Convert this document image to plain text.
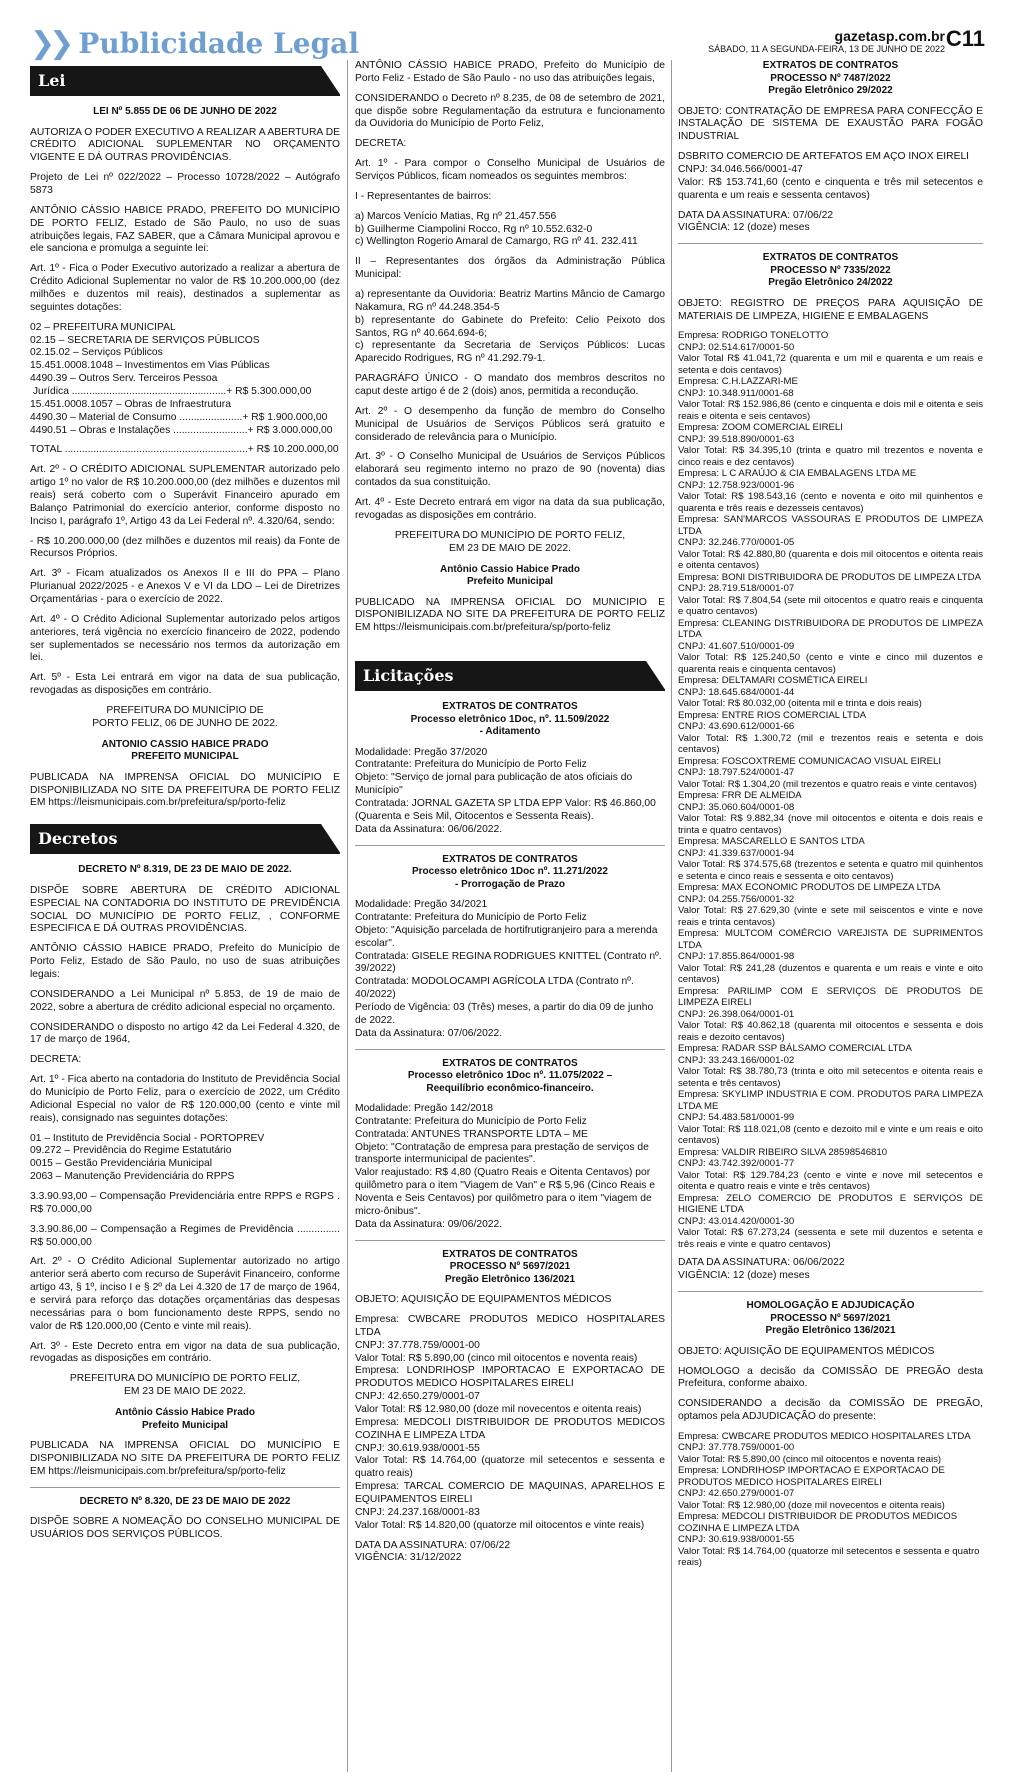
❯❯ Publicidade Legal	gazetasp.com.br
SÁBADO, 11 A SEGUNDA-FEIRA, 13 DE JUNHO DE 2022 C11
Lei
LEI Nº 5.855 DE 06 DE JUNHO DE 2022

AUTORIZA O PODER EXECUTIVO A REALIZAR A ABERTURA DE CRÉDITO ADICIONAL SUPLEMENTAR NO ORÇAMENTO VIGENTE E DÁ OUTRAS PROVIDÊNCIAS.

Projeto de Lei nº 022/2022 – Processo 10728/2022 – Autógrafo 5873

ANTÔNIO CÁSSIO HABICE PRADO, PREFEITO DO MUNICÍPIO DE PORTO FELIZ, Estado de São Paulo, no uso de suas atribuições legais, FAZ SABER, que a Câmara Municipal aprovou e ele sanciona e promulga a seguinte lei:

Art. 1º - Fica o Poder Executivo autorizado a realizar a abertura de Crédito Adicional Suplementar no valor de R$ 10.200.000,00 (dez milhões e duzentos mil reais), destinados a suplementar as seguintes dotações:

02 – PREFEITURA MUNICIPAL
02.15 – SECRETARIA DE SERVIÇOS PÚBLICOS
02.15.02 – Serviços Públicos
15.451.0008.1048 – Investimentos em Vias Públicas
4490.39 – Outros Serv. Terceiros Pessoa
Jurídica ......................................................+ R$ 5.300.000,00
15.451.0008.1057 – Obras de Infraestrutura
4490.30 – Material de Consumo ......................+ R$ 1.900.000,00
4490.51 – Obras e Instalações ..........................+ R$ 3.000.000,00

TOTAL ................................................................+ R$ 10.200.000,00

Art. 2º - O CRÉDITO ADICIONAL SUPLEMENTAR autorizado pelo artigo 1º no valor de R$ 10.200.000,00 (dez milhões e duzentos mil reais) será coberto com o Superávit Financeiro apurado em Balanço Patrimonial do exercício anterior, conforme disposto no Inciso I, parágrafo 1º, Artigo 43 da Lei Federal nº. 4.320/64, sendo:

- R$ 10.200.000,00 (dez milhões e duzentos mil reais) da Fonte de Recursos Próprios.

Art. 3º - Ficam atualizados os Anexos II e III do PPA – Plano Plurianual 2022/2025 - e Anexos V e VI da LDO – Lei de Diretrizes Orçamentárias - para o exercício de 2022.

Art. 4º - O Crédito Adicional Suplementar autorizado pelos artigos anteriores, terá vigência no exercício financeiro de 2022, podendo ser suplementados se necessário nos termos da autorização em lei.

Art. 5º - Esta Lei entrará em vigor na data de sua publicação, revogadas as disposições em contrário.

PREFEITURA DO MUNICÍPIO DE
PORTO FELIZ, 06 DE JUNHO DE 2022.

ANTONIO CASSIO HABICE PRADO
PREFEITO MUNICIPAL

PUBLICADA NA IMPRENSA OFICIAL DO MUNICÍPIO E DISPONIBILIZADA NO SITE DA PREFEITURA DE PORTO FELIZ EM https://leismunicipais.com.br/prefeitura/sp/porto-feliz

Decretos
DECRETO Nº 8.319, DE 23 DE MAIO DE 2022.

DISPÕE SOBRE ABERTURA DE CRÉDITO ADICIONAL ESPECIAL NA CONTADORIA DO INSTITUTO DE PREVIDÊNCIA SOCIAL DO MUNICÍPIO DE PORTO FELIZ, , CONFORME ESPECIFICA E DÁ OUTRAS PROVIDÊNCIAS.

ANTÔNIO CÁSSIO HABICE PRADO, Prefeito do Município de Porto Feliz, Estado de São Paulo, no uso de suas atribuições legais:

CONSIDERANDO a Lei Municipal nº 5.853, de 19 de maio de 2022, sobre a abertura de crédito adicional especial no orçamento.

CONSIDERANDO o disposto no artigo 42 da Lei Federal 4.320, de 17 de março de 1964,

DECRETA:

Art. 1º - Fica aberto na contadoria do Instituto de Previdência Social do Município de Porto Feliz, para o exercício de 2022, um Crédito Adicional Especial no valor de R$ 120.000,00 (cento e vinte mil reais), consignado nas seguintes dotações:

01 – Instituto de Previdência Social - PORTOPREV
09.272 – Previdência do Regime Estatutário
0015 – Gestão Previdenciária Municipal
2063 – Manutenção Previdenciária do RPPS

3.3.90.93,00 – Compensação Previdenciária entre RPPS e RGPS . R$ 70.000,00

3.3.90.86,00 – Compensação a Regimes de Previdência ............... R$ 50.000,00

Art. 2º - O Crédito Adicional Suplementar autorizado no artigo anterior será aberto com recurso de Superávit Financeiro, conforme artigo 43, § 1º, inciso I e § 2º da Lei 4.320 de 17 de março de 1964, e servirá para reforço das dotações orçamentárias das despesas necessárias para o bom funcionamento deste RPPS, sendo no valor de R$ 120.000,00 (Cento e vinte mil reais).

Art. 3º - Este Decreto entra em vigor na data de sua publicação, revogadas as disposições em contrário.

PREFEITURA DO MUNICÍPIO DE PORTO FELIZ,
EM 23 DE MAIO DE 2022.

Antônio Cássio Habice Prado
Prefeito Municipal

PUBLICADA NA IMPRENSA OFICIAL DO MUNICÍPIO E DISPONIBILIZADA NO SITE DA PREFEITURA DE PORTO FELIZ EM https://leismunicipais.com.br/prefeitura/sp/porto-feliz

DECRETO Nº 8.320, DE 23 DE MAIO DE 2022

DISPÕE SOBRE A NOMEAÇÃO DO CONSELHO MUNICIPAL DE USUÁRIOS DOS SERVIÇOS PÚBLICOS.

ANTÔNIO CÁSSIO HABICE PRADO, Prefeito do Município de Porto Feliz - Estado de São Paulo - no uso das atribuições legais,

CONSIDERANDO o Decreto nº 8.235, de 08 de setembro de 2021, que dispõe sobre Regulamentação da estrutura e funcionamento da Ouvidoria do Município de Porto Feliz,

DECRETA:

Art. 1º - Para compor o Conselho Municipal de Usuários de Serviços Públicos, ficam nomeados os seguintes membros:

I - Representantes de bairros:

a) Marcos Venício Matias, Rg nº 21.457.556
b) Guilherme Ciampolini Rocco, Rg nº 10.552.632-0
c) Wellington Rogerio Amaral de Camargo, RG nº 41. 232.411

II – Representantes dos órgãos da Administração Pública Municipal:

a) representante da Ouvidoria: Beatriz Martins Mâncio de Camargo Nakamura, RG nº 44.248.354-5
b) representante do Gabinete do Prefeito: Celio Peixoto dos Santos, RG nº 40.664.694-6;
c) representante da Secretaria de Serviços Públicos: Lucas Aparecido Rodrigues, RG nº 41.292.79-1.

PARAGRÁFO ÚNICO - O mandato dos membros descritos no caput deste artigo é de 2 (dois) anos, permitida a recondução.

Art. 2º - O desempenho da função de membro do Conselho Municipal de Usuários de Serviços Públicos será gratuito e considerado de relevância para o Município.

Art. 3º - O Conselho Municipal de Usuários de Serviços Públicos elaborará seu regimento interno no prazo de 90 (noventa) dias contados da sua constituição.

Art. 4º - Este Decreto entrará em vigor na data da sua publicação, revogadas as disposições em contrário.

PREFEITURA DO MUNICÍPIO DE PORTO FELIZ,
EM 23 DE MAIO DE 2022.

Antônio Cassio Habice Prado
Prefeito Municipal

PUBLICADO NA IMPRENSA OFICIAL DO MUNICIPIO E DISPONIBILIZADA NO SITE DA PREFEITURA DE PORTO FELIZ EM https://leismunicipais.com.br/prefeitura/sp/porto-feliz

Licitações
EXTRATOS DE CONTRATOS
Processo eletrônico 1Doc, nº. 11.509/2022
- Aditamento

Modalidade: Pregão 37/2020
Contratante: Prefeitura do Município de Porto Feliz
Objeto: "Serviço de jornal para publicação de atos oficiais do Município"
Contratada: JORNAL GAZETA SP LTDA EPP Valor: R$ 46.860,00 (Quarenta e Seis Mil, Oitocentos e Sessenta Reais).
Data da Assinatura: 06/06/2022.

EXTRATOS DE CONTRATOS
Processo eletrônico 1Doc nº. 11.271/2022
- Prorrogação de Prazo

Modalidade: Pregão 34/2021
Contratante: Prefeitura do Município de Porto Feliz
Objeto: "Aquisição parcelada de hortifrutigranjeiro para a merenda escolar".
Contratada: GISELE REGINA RODRIGUES KNITTEL (Contrato nº. 39/2022)
Contratada: MODOLOCAMPI AGRÍCOLA LTDA (Contrato nº. 40/2022)
Período de Vigência: 03 (Três) meses, a partir do dia 09 de junho de 2022.
Data da Assinatura: 07/06/2022.

EXTRATOS DE CONTRATOS
Processo eletrônico 1Doc nº. 11.075/2022 –
Reequilíbrio econômico-financeiro.

Modalidade: Pregão 142/2018
Contratante: Prefeitura do Município de Porto Feliz
Contratada: ANTUNES TRANSPORTE LDTA – ME
Objeto: "Contratação de empresa para prestação de serviços de transporte intermunicipal de pacientes".
Valor reajustado: R$ 4,80 (Quatro Reais e Oitenta Centavos) por quilômetro para o item "Viagem de Van" e R$ 5,96 (Cinco Reais e Noventa e Seis Centavos) por quilômetro para o item "viagem de micro-ônibus".
Data da Assinatura: 09/06/2022.

EXTRATOS DE CONTRATOS
PROCESSO Nº 5697/2021
Pregão Eletrônico 136/2021

OBJETO: AQUISIÇÃO DE EQUIPAMENTOS MÉDICOS

Empresa: CWBCARE PRODUTOS MEDICO HOSPITALARES LTDA
CNPJ: 37.778.759/0001-00
Valor Total: R$ 5.890,00 (cinco mil oitocentos e noventa reais)
Empresa: LONDRIHOSP IMPORTACAO E EXPORTACAO DE PRODUTOS MEDICO HOSPITALARES EIRELI
CNPJ: 42.650.279/0001-07
Valor Total: R$ 12.980,00 (doze mil novecentos e oitenta reais)
Empresa: MEDCOLI DISTRIBUIDOR DE PRODUTOS MEDICOS COZINHA E LIMPEZA LTDA
CNPJ: 30.619.938/0001-55
Valor Total: R$ 14.764,00 (quatorze mil setecentos e sessenta e quatro reais)
Empresa: TARCAL COMERCIO DE MAQUINAS, APARELHOS E EQUIPAMENTOS EIRELI
CNPJ: 24.237.168/0001-83
Valor Total: R$ 14.820,00 (quatorze mil oitocentos e vinte reais)

DATA DA ASSINATURA: 07/06/22
VIGÊNCIA: 31/12/2022

EXTRATOS DE CONTRATOS
PROCESSO Nº 7487/2022
Pregão Eletrônico 29/2022

OBJETO: CONTRATAÇÃO DE EMPRESA PARA CONFECÇÃO E INSTALAÇÃO DE SISTEMA DE EXAUSTÃO PARA FOGÃO INDUSTRIAL

DSBRITO COMERCIO DE ARTEFATOS EM AÇO INOX EIRELI
CNPJ: 34.046.566/0001-47
Valor: R$ 153.741,60 (cento e cinquenta e três mil setecentos e quarenta e um reais e sessenta centavos)

DATA DA ASSINATURA: 07/06/22
VIGÊNCIA: 12 (doze) meses

EXTRATOS DE CONTRATOS
PROCESSO Nº 7335/2022
Pregão Eletrônico 24/2022

OBJETO: REGISTRO DE PREÇOS PARA AQUISIÇÃO DE MATERIAIS DE LIMPEZA, HIGIENE E EMBALAGENS

Empresa: RODRIGO TONELOTTO
CNPJ: 02.514.617/0001-50
Valor Total R$ 41.041,72 (quarenta e um mil e quarenta e um reais e setenta e dois centavos)
Empresa: C.H.LAZZARI-ME
CNPJ: 10.348.911/0001-68
Valor Total: R$ 152.986,86 (cento e cinquenta e dois mil e oitenta e seis reais e oitenta e seis centavos)
Empresa: ZOOM COMERCIAL EIRELI
CNPJ: 39.518.890/0001-63
Valor Total: R$ 34.395,10 (trinta e quatro mil trezentos e noventa e cinco reais e dez centavos)
Empresa: L C ARAÚJO & CIA EMBALAGENS LTDA ME
CNPJ: 12.758.923/0001-96
Valor Total: R$ 198.543,16 (cento e noventa e oito mil quinhentos e quarenta e três reais e dezesseis centavos)
Empresa: SAN'MARCOS VASSOURAS E PRODUTOS DE LIMPEZA LTDA
CNPJ: 32.246.770/0001-05
Valor Total: R$ 42.880,80 (quarenta e dois mil oitocentos e oitenta reais e oitenta centavos)
Empresa: BONI DISTRIBUIDORA DE PRODUTOS DE LIMPEZA LTDA
CNPJ: 28.719.518/0001-07
Valor Total: R$ 7.804,54 (sete mil oitocentos e quatro reais e cinquenta e quatro centavos)
Empresa: CLEANING DISTRIBUIDORA DE PRODUTOS DE LIMPEZA LTDA
CNPJ: 41.607.510/0001-09
Valor Total: R$ 125.240,50 (cento e vinte e cinco mil duzentos e quarenta reais e cinquenta centavos)
Empresa: DELTAMARI COSMÉTICA EIRELI
CNPJ: 18.645.684/0001-44
Valor Total: R$ 80.032,00 (oitenta mil e trinta e dois reais)
Empresa: ENTRE RIOS COMERCIAL LTDA
CNPJ: 43.690.612/0001-66
Valor Total: R$ 1.300,72 (mil e trezentos reais e setenta e dois centavos)
Empresa: FOSCOXTREME COMUNICACAO VISUAL EIRELI
CNPJ: 18.797.524/0001-47
Valor Total: R$ 1.304,20 (mil trezentos e quatro reais e vinte centavos)
Empresa: FRR DE ALMEIDA
CNPJ: 35.060.604/0001-08
Valor Total: R$ 9.882,34 (nove mil oitocentos e oitenta e dois reais e trinta e quatro centavos)
Empresa: MASCARELLO E SANTOS LTDA
CNPJ: 41.339.637/0001-94
Valor Total: R$ 374.575,68 (trezentos e setenta e quatro mil quinhentos e setenta e cinco reais e sessenta e oito centavos)
Empresa: MAX ECONOMIC PRODUTOS DE LIMPEZA LTDA
CNPJ: 04.255.756/0001-32
Valor Total: R$ 27.629,30 (vinte e sete mil seiscentos e vinte e nove reais e trinta centavos)
Empresa: MULTCOM COMÉRCIO VAREJISTA DE SUPRIMENTOS LTDA
CNPJ: 17.855.864/0001-98
Valor Total: R$ 241,28 (duzentos e quarenta e um reais e vinte e oito centavos)
Empresa: PARILIMP COM E SERVIÇOS DE PRODUTOS DE LIMPEZA EIRELI
CNPJ: 26.398.064/0001-01
Valor Total: R$ 40.862,18 (quarenta mil oitocentos e sessenta e dois reais e dezoito centavos)
Empresa: RADAR SSP BÁLSAMO COMERCIAL LTDA
CNPJ: 33.243.166/0001-02
Valor Total: R$ 38.780,73 (trinta e oito mil setecentos e oitenta reais e setenta e três centavos)
Empresa: SKYLIMP INDUSTRIA E COM. PRODUTOS PARA LIMPEZA LTDA ME
CNPJ: 54.483.581/0001-99
Valor Total: R$ 118.021,08 (cento e dezoito mil e vinte e um reais e oito centavos)
Empresa: VALDIR RIBEIRO SILVA 28598546810
CNPJ: 43.742.392/0001-77
Valor Total: R$ 129.784,23 (cento e vinte e nove mil setecentos e oitenta e quatro reais e vinte e três centavos)
Empresa: ZELO COMERCIO DE PRODUTOS E SERVIÇOS DE HIGIENE LTDA
CNPJ: 43.014.420/0001-30
Valor Total: R$ 67.273,24 (sessenta e sete mil duzentos e setenta e três reais e vinte e quatro centavos)

DATA DA ASSINATURA: 06/06/2022
VIGÊNCIA: 12 (doze) meses

HOMOLOGAÇÃO E ADJUDICAÇÃO
PROCESSO Nº 5697/2021
Pregão Eletrônico 136/2021

OBJETO: AQUISIÇÃO DE EQUIPAMENTOS MÉDICOS

HOMOLOGO a decisão da COMISSÃO DE PREGÃO desta Prefeitura, conforme abaixo.

CONSIDERANDO a decisão da COMISSÃO DE PREGÃO, optamos pela ADJUDICAÇÃO do presente:

Empresa: CWBCARE PRODUTOS MEDICO HOSPITALARES LTDA
CNPJ: 37.778.759/0001-00
Valor Total: R$ 5.890,00 (cinco mil oitocentos e noventa reais)
Empresa: LONDRIHOSP IMPORTACAO E EXPORTACAO DE PRODUTOS MEDICO HOSPITALARES EIRELI
CNPJ: 42.650.279/0001-07
Valor Total: R$ 12.980,00 (doze mil novecentos e oitenta reais)
Empresa: MEDCOLI DISTRIBUIDOR DE PRODUTOS MEDICOS COZINHA E LIMPEZA LTDA
CNPJ: 30.619.938/0001-55
Valor Total: R$ 14.764,00 (quatorze mil setecentos e sessenta e quatro reais)
